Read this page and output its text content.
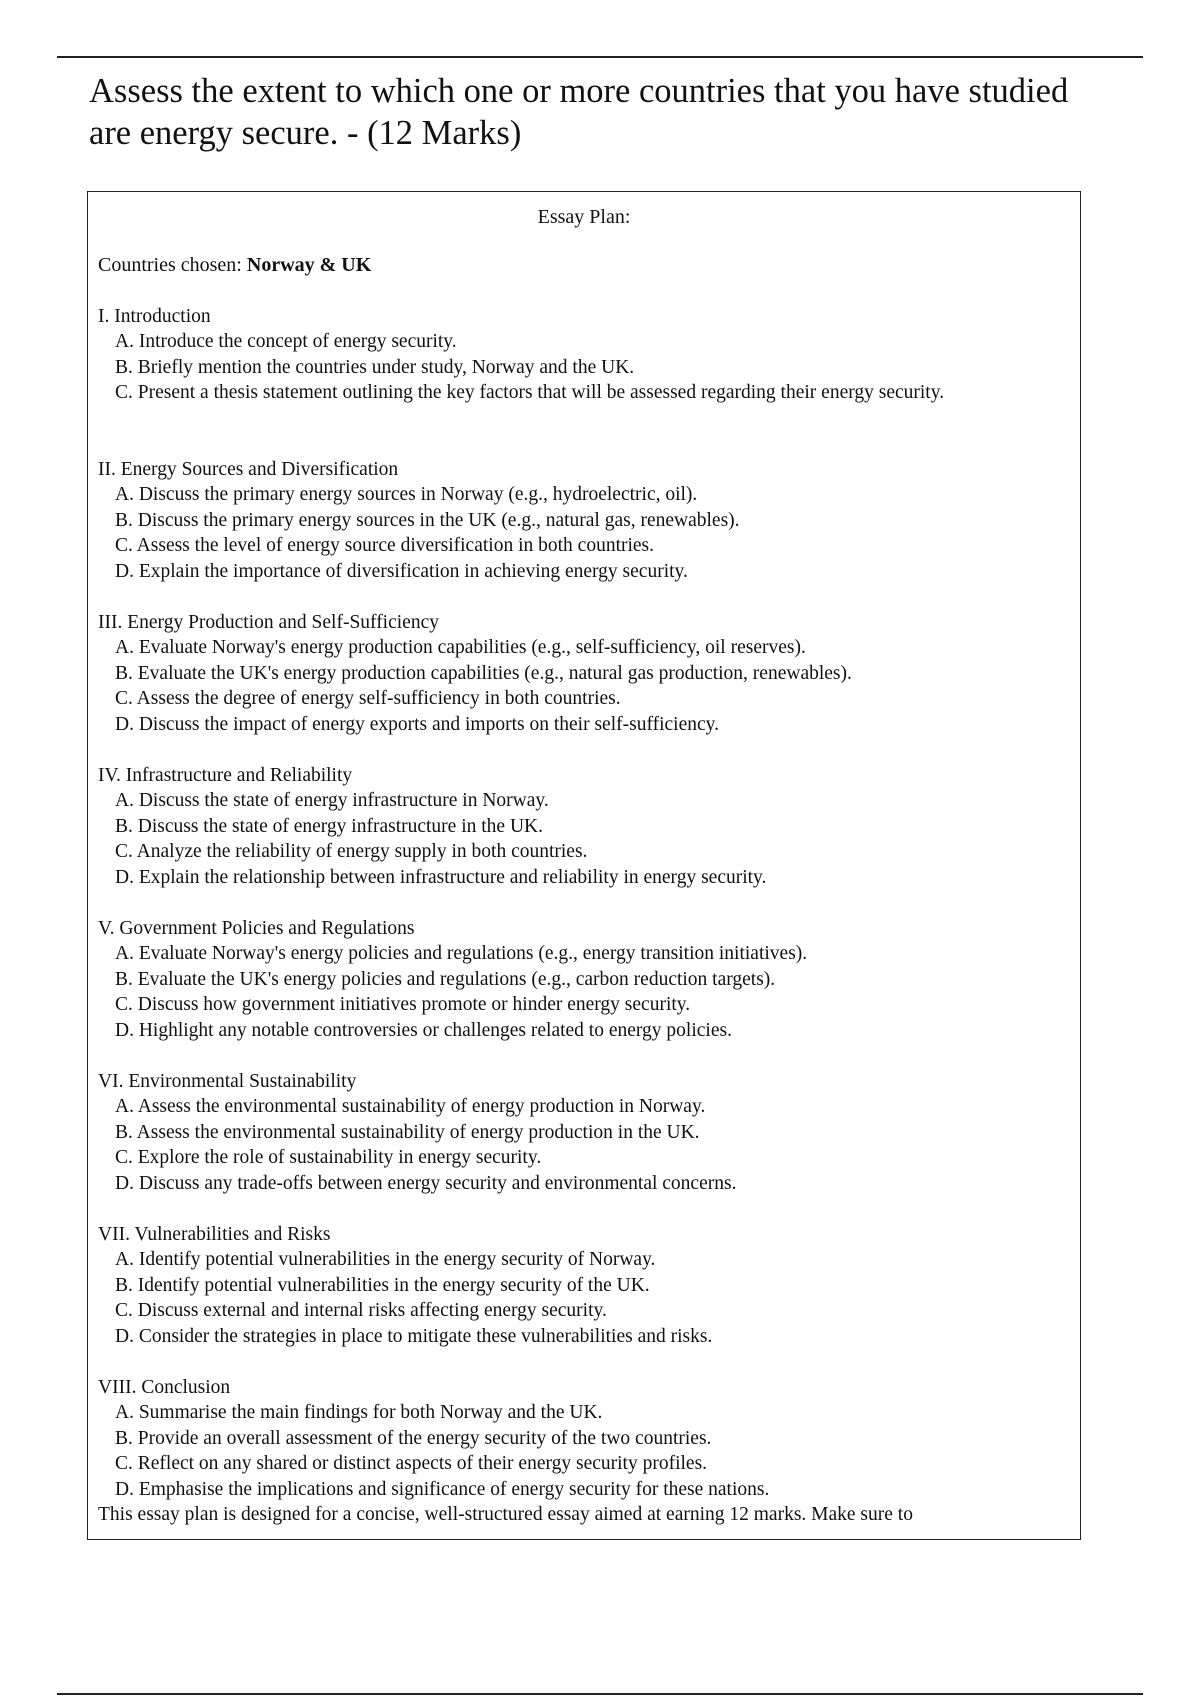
Assess the extent to which one or more countries that you have studied are energy secure. - (12 Marks)
Essay Plan:
Countries chosen: Norway & UK
I. Introduction
A. Introduce the concept of energy security.
B. Briefly mention the countries under study, Norway and the UK.
C. Present a thesis statement outlining the key factors that will be assessed regarding their energy security.
II. Energy Sources and Diversification
A. Discuss the primary energy sources in Norway (e.g., hydroelectric, oil).
B. Discuss the primary energy sources in the UK (e.g., natural gas, renewables).
C. Assess the level of energy source diversification in both countries.
D. Explain the importance of diversification in achieving energy security.
III. Energy Production and Self-Sufficiency
A. Evaluate Norway's energy production capabilities (e.g., self-sufficiency, oil reserves).
B. Evaluate the UK's energy production capabilities (e.g., natural gas production, renewables).
C. Assess the degree of energy self-sufficiency in both countries.
D. Discuss the impact of energy exports and imports on their self-sufficiency.
IV. Infrastructure and Reliability
A. Discuss the state of energy infrastructure in Norway.
B. Discuss the state of energy infrastructure in the UK.
C. Analyze the reliability of energy supply in both countries.
D. Explain the relationship between infrastructure and reliability in energy security.
V. Government Policies and Regulations
A. Evaluate Norway's energy policies and regulations (e.g., energy transition initiatives).
B. Evaluate the UK's energy policies and regulations (e.g., carbon reduction targets).
C. Discuss how government initiatives promote or hinder energy security.
D. Highlight any notable controversies or challenges related to energy policies.
VI. Environmental Sustainability
A. Assess the environmental sustainability of energy production in Norway.
B. Assess the environmental sustainability of energy production in the UK.
C. Explore the role of sustainability in energy security.
D. Discuss any trade-offs between energy security and environmental concerns.
VII. Vulnerabilities and Risks
A. Identify potential vulnerabilities in the energy security of Norway.
B. Identify potential vulnerabilities in the energy security of the UK.
C. Discuss external and internal risks affecting energy security.
D. Consider the strategies in place to mitigate these vulnerabilities and risks.
VIII. Conclusion
A. Summarise the main findings for both Norway and the UK.
B. Provide an overall assessment of the energy security of the two countries.
C. Reflect on any shared or distinct aspects of their energy security profiles.
D. Emphasise the implications and significance of energy security for these nations.
This essay plan is designed for a concise, well-structured essay aimed at earning 12 marks. Make sure to
